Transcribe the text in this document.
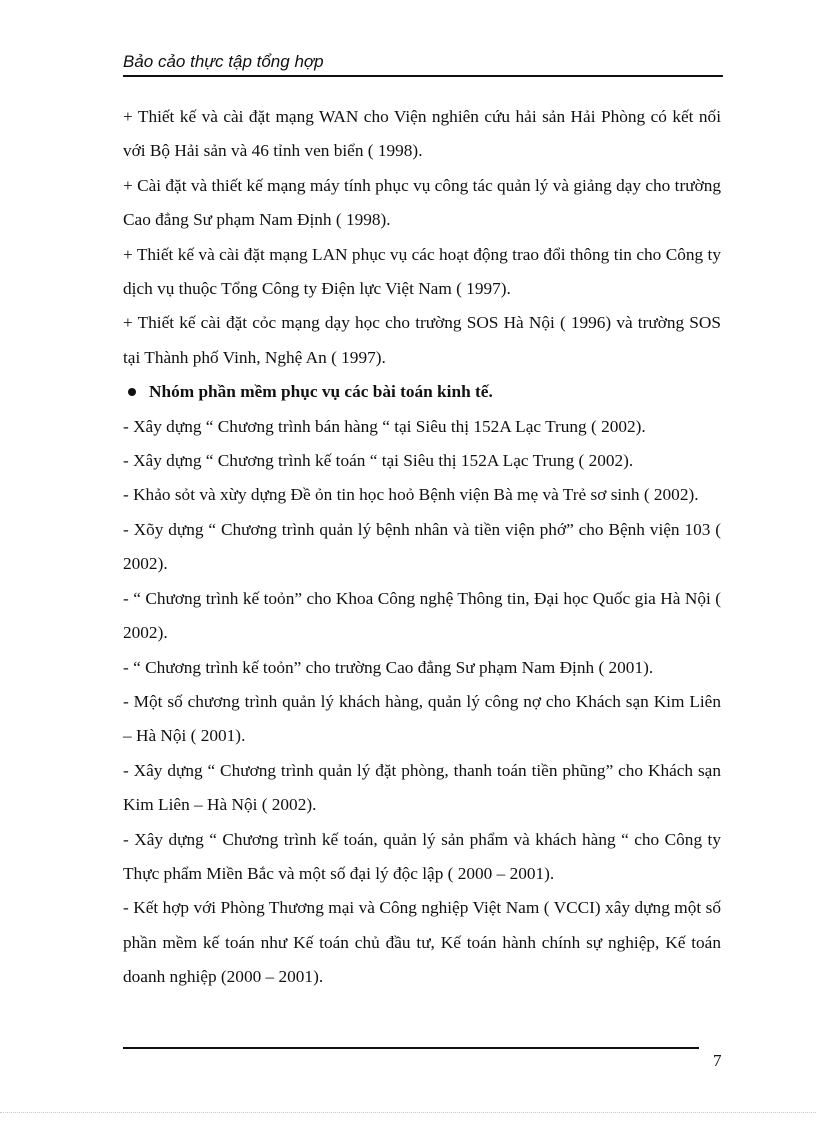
Bảo cảo thực tập tổng hợp

+ Thiết kế và cài đặt mạng WAN cho Viện nghiên cứu hải sản Hải Phòng có kết nối với Bộ Hải sản và 46 tỉnh ven biển ( 1998).

+ Cài đặt và thiết kế mạng máy tính phục vụ công tác quản lý và giảng dạy cho trường Cao đẳng Sư phạm Nam Định ( 1998).

+ Thiết kế và cài đặt mạng LAN phục vụ các hoạt động trao đổi thông tin cho Công ty dịch vụ thuộc Tổng Công ty Điện lực Việt Nam ( 1997).

+ Thiết kế cài đặt cỏc mạng dạy học cho trường SOS Hà Nội ( 1996) và trường SOS tại Thành phố Vinh, Nghệ An ( 1997).

Nhóm phần mềm phục vụ các bài toán kinh tế.

- Xây dựng “ Chương trình bán hàng “ tại Siêu thị 152A Lạc Trung ( 2002).

- Xây dựng “ Chương trình kế toán “ tại Siêu thị 152A Lạc Trung ( 2002).

- Khảo sỏt và xừy dựng Đề ỏn tin học hoỏ Bệnh viện Bà mẹ và Trẻ sơ sinh ( 2002).

- Xõy dựng “ Chương trình quản lý bệnh nhân và tiền viện phớ” cho Bệnh viện 103 ( 2002).

- “ Chương trình kế toỏn” cho Khoa Công nghệ Thông tin, Đại học Quốc gia Hà Nội ( 2002).

- “ Chương trình kế toỏn” cho trường Cao đẳng Sư phạm Nam Định ( 2001).

- Một số chương trình quản lý khách hàng, quản lý công nợ cho Khách sạn Kim Liên – Hà Nội ( 2001).

- Xây dựng “ Chương trình quản lý đặt phòng, thanh toán tiền phũng” cho Khách sạn Kim Liên – Hà Nội ( 2002).

- Xây dựng “ Chương trình kế toán, quản lý sản phẩm và khách hàng “ cho Công ty Thực phẩm Miền Bắc và một số đại lý độc lập ( 2000 – 2001).

- Kết hợp với Phòng Thương mại và Công nghiệp Việt Nam ( VCCI) xây dựng một số phần mềm kế toán như Kế toán chủ đầu tư, Kế toán hành chính sự nghiệp, Kế toán doanh nghiệp (2000 – 2001).

7
